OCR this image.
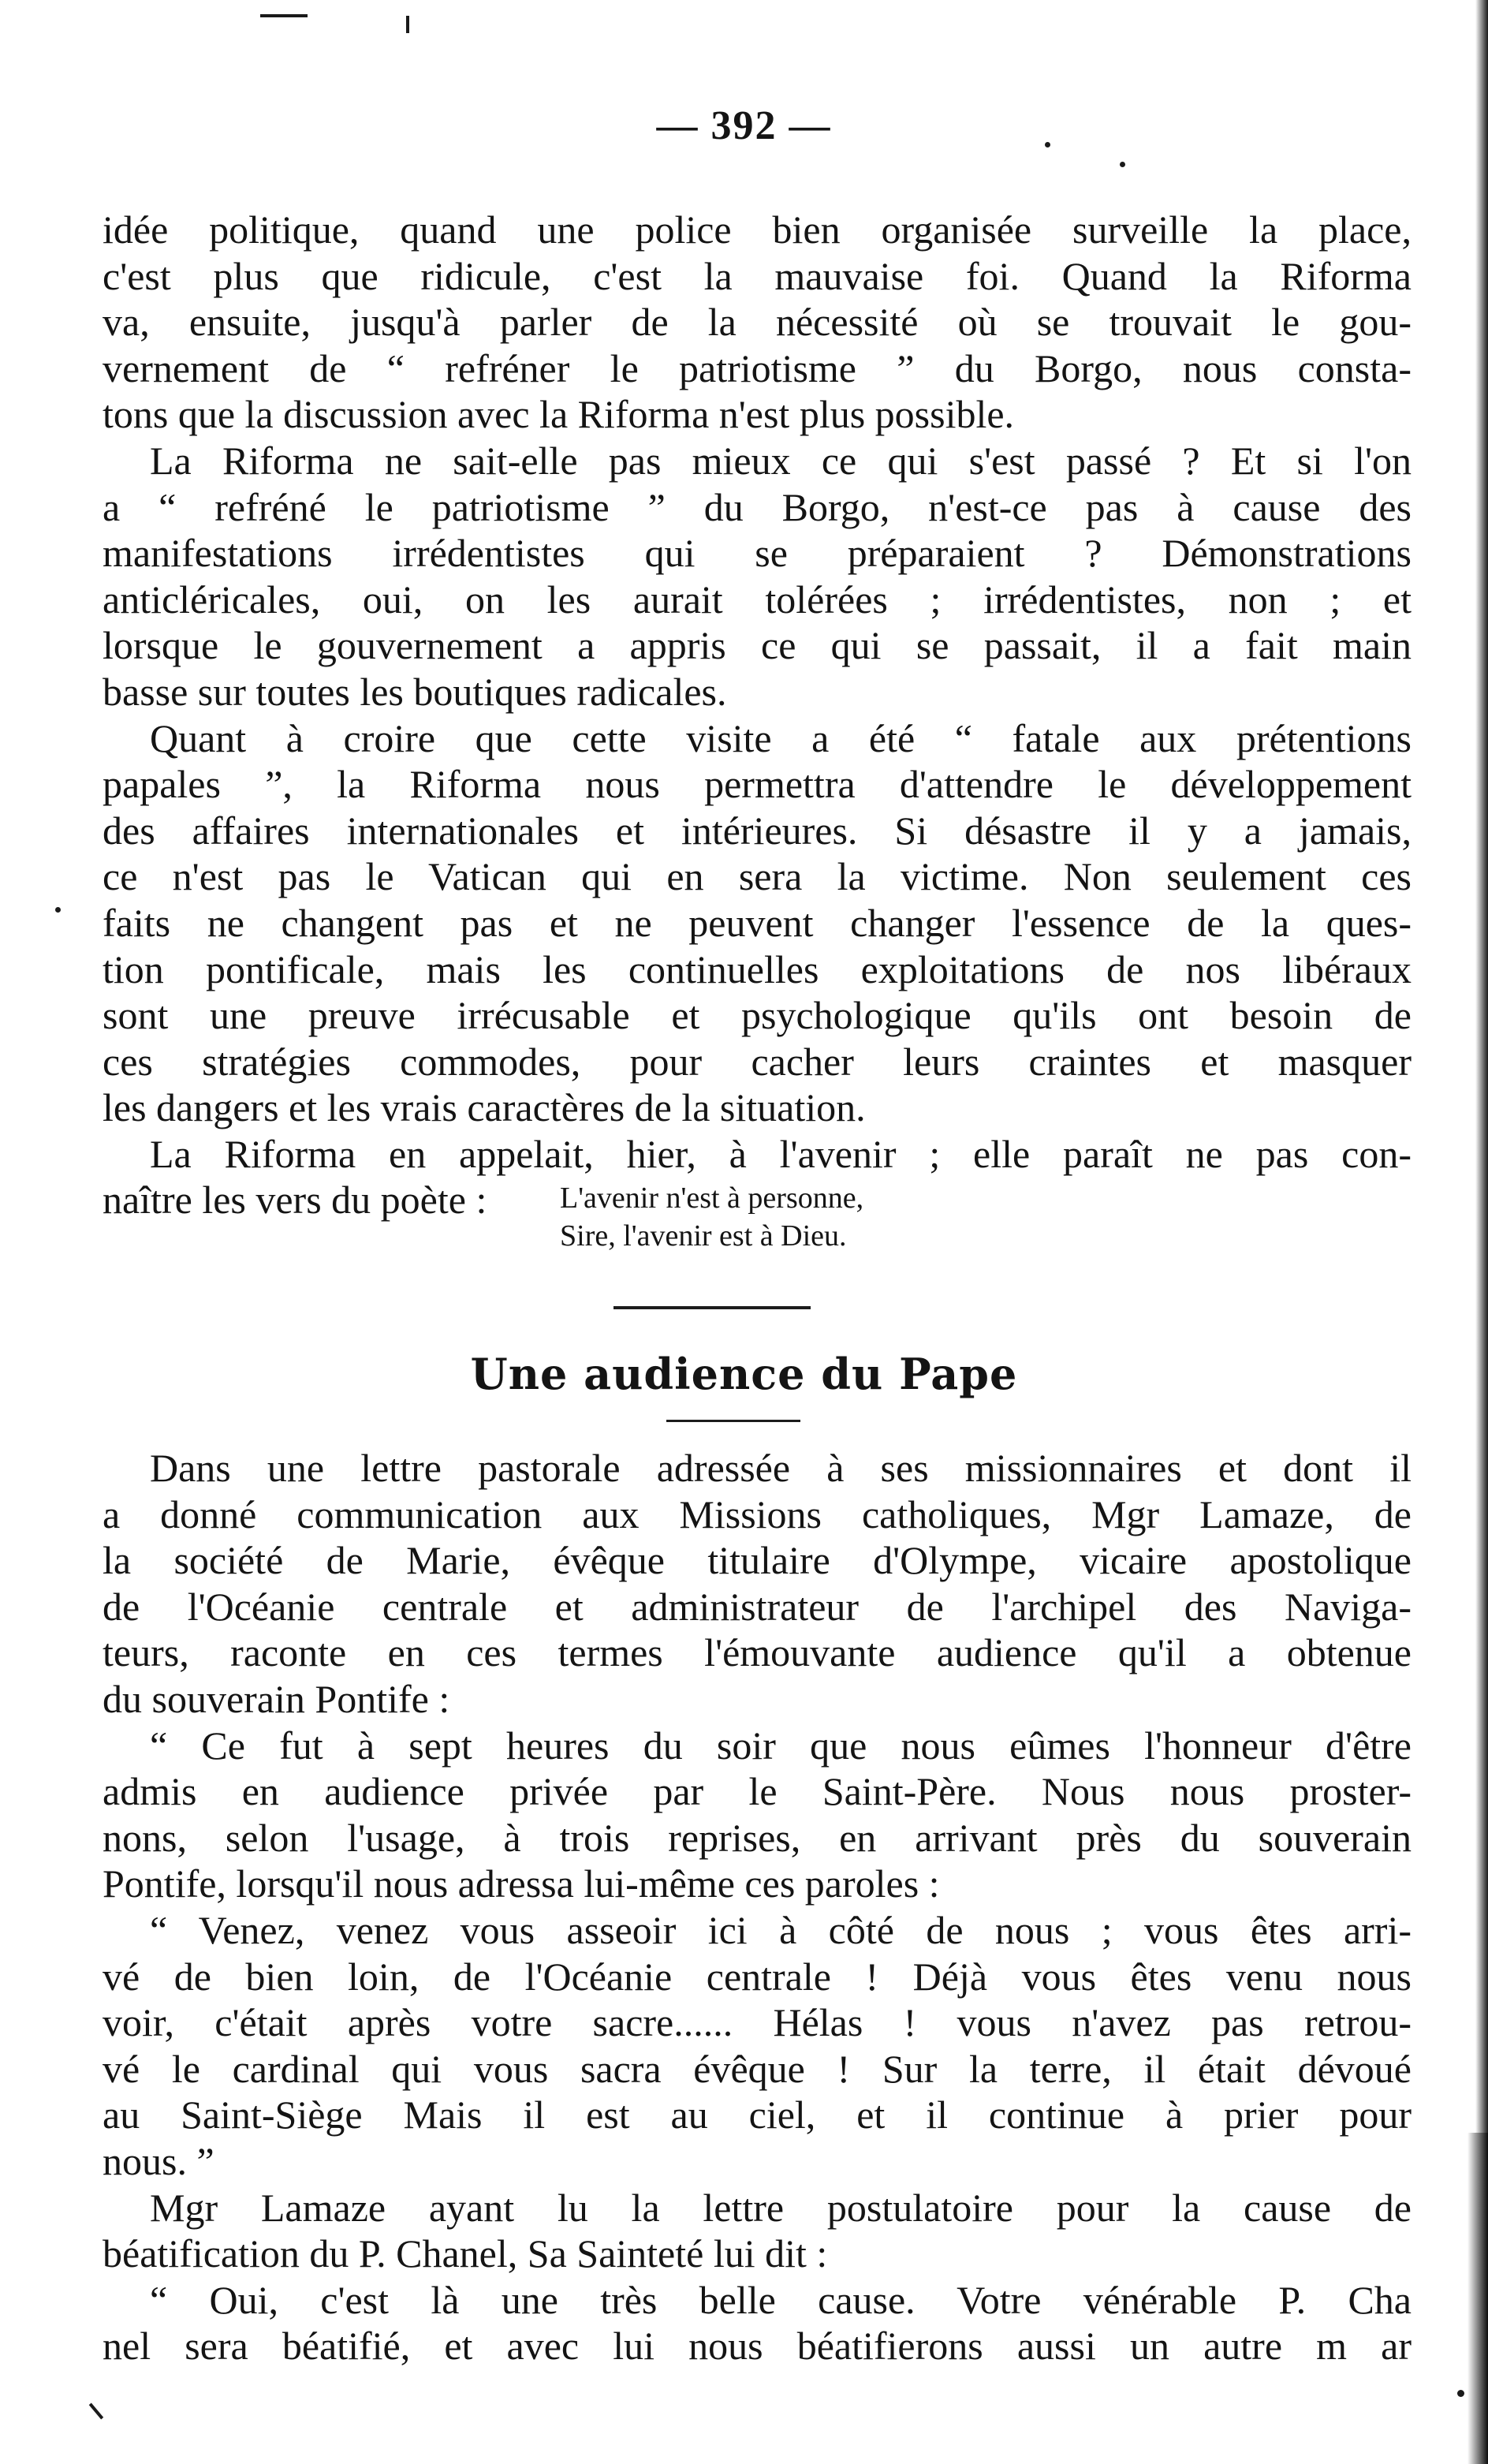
— 392 —

idée politique, quand une police bien organisée surveille la place,
c'est plus que ridicule, c'est la mauvaise foi. Quand la Riforma
va, ensuite, jusqu'à parler de la nécessité où se trouvait le gou-
vernement de “ refréner le patriotisme ” du Borgo, nous consta-
tons que la discussion avec la Riforma n'est plus possible.

La Riforma ne sait-elle pas mieux ce qui s'est passé ? Et si l'on
a “ refréné le patriotisme ” du Borgo, n'est-ce pas à cause des
manifestations irrédentistes qui se préparaient ? Démonstrations
anticléricales, oui, on les aurait tolérées ; irrédentistes, non ; et
lorsque le gouvernement a appris ce qui se passait, il a fait main
basse sur toutes les boutiques radicales.

Quant à croire que cette visite a été “ fatale aux prétentions
papales ”, la Riforma nous permettra d'attendre le développement
des affaires internationales et intérieures. Si désastre il y a jamais,
ce n'est pas le Vatican qui en sera la victime. Non seulement ces
faits ne changent pas et ne peuvent changer l'essence de la ques-
tion pontificale, mais les continuelles exploitations de nos libéraux
sont une preuve irrécusable et psychologique qu'ils ont besoin de
ces stratégies commodes, pour cacher leurs craintes et masquer
les dangers et les vrais caractères de la situation.

La Riforma en appelait, hier, à l'avenir ; elle paraît ne pas con-
naître les vers du poète :	L'avenir n'est à personne,
Sire, l'avenir est à Dieu.
Une audience du Pape

Dans une lettre pastorale adressée à ses missionnaires et dont il
a donné communication aux Missions catholiques, Mgr Lamaze, de
la société de Marie, évêque titulaire d'Olympe, vicaire apostolique
de l'Océanie centrale et administrateur de l'archipel des Naviga-
teurs, raconte en ces termes l'émouvante audience qu'il a obtenue
du souverain Pontife :

“ Ce fut à sept heures du soir que nous eûmes l'honneur d'être
admis en audience privée par le Saint-Père. Nous nous proster-
nons, selon l'usage, à trois reprises, en arrivant près du souverain
Pontife, lorsqu'il nous adressa lui-même ces paroles :

“ Venez, venez vous asseoir ici à côté de nous ; vous êtes arri-
vé de bien loin, de l'Océanie centrale ! Déjà vous êtes venu nous
voir, c'était après votre sacre...... Hélas ! vous n'avez pas retrou-
vé le cardinal qui vous sacra évêque ! Sur la terre, il était dévoué
au Saint-Siège Mais il est au ciel, et il continue à prier pour
nous. ”

Mgr Lamaze ayant lu la lettre postulatoire pour la cause de
béatification du P. Chanel, Sa Sainteté lui dit :

“ Oui, c'est là une très belle cause. Votre vénérable P. Cha
nel sera béatifié, et avec lui nous béatifierons aussi un autre m ar
